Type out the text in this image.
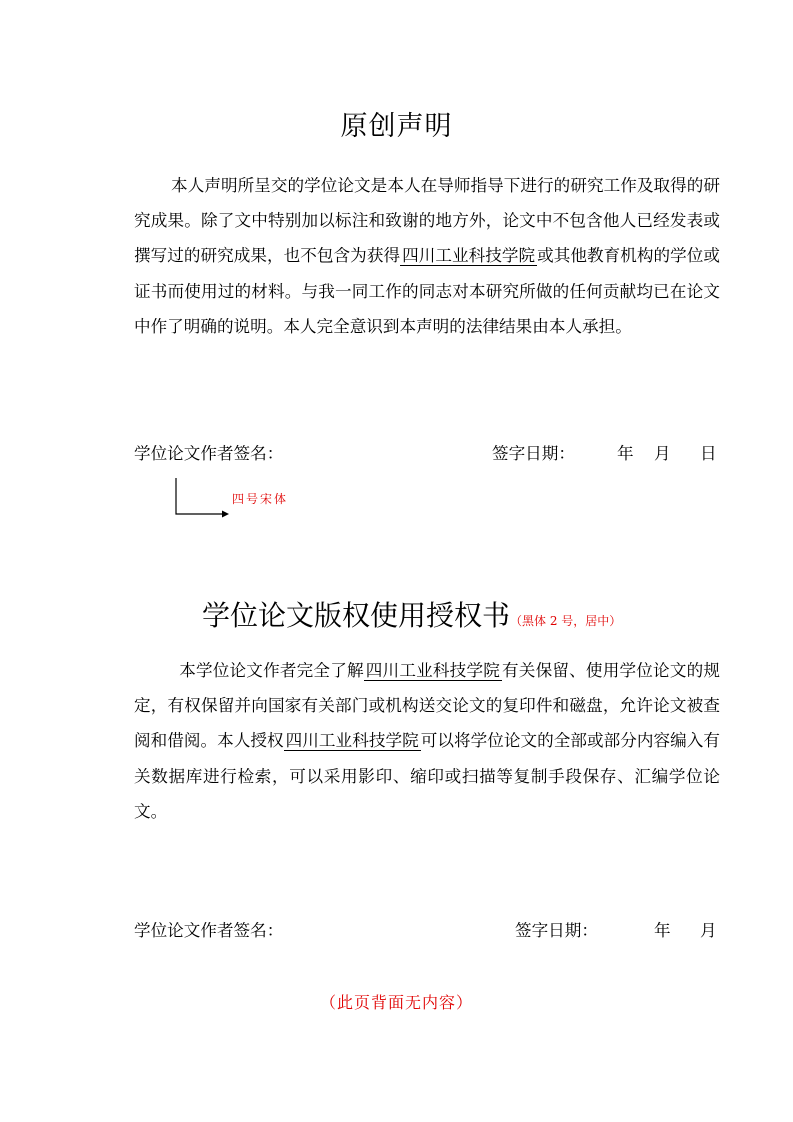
原创声明
本人声明所呈交的学位论文是本人在导师指导下进行的研究工作及取得的研究成果。除了文中特别加以标注和致谢的地方外，论文中不包含他人已经发表或撰写过的研究成果，也不包含为获得 四川工业科技学院 或其他教育机构的学位或证书而使用过的材料。与我一同工作的同志对本研究所做的任何贡献均已在论文中作了明确的说明。本人完全意识到本声明的法律结果由本人承担。
学位论文作者签名：	签字日期：	年 月 日
四号宋体
学位论文版权使用授权书（黑体 2 号，居中）
本学位论文作者完全了解 四川工业科技学院 有关保留、使用学位论文的规定，有权保留并向国家有关部门或机构送交论文的复印件和磁盘，允许论文被查阅和借阅。本人授权 四川工业科技学院 可以将学位论文的全部或部分内容编入有关数据库进行检索，可以采用影印、缩印或扫描等复制手段保存、汇编学位论文。
学位论文作者签名：	签字日期：	年 月
（此页背面无内容）
